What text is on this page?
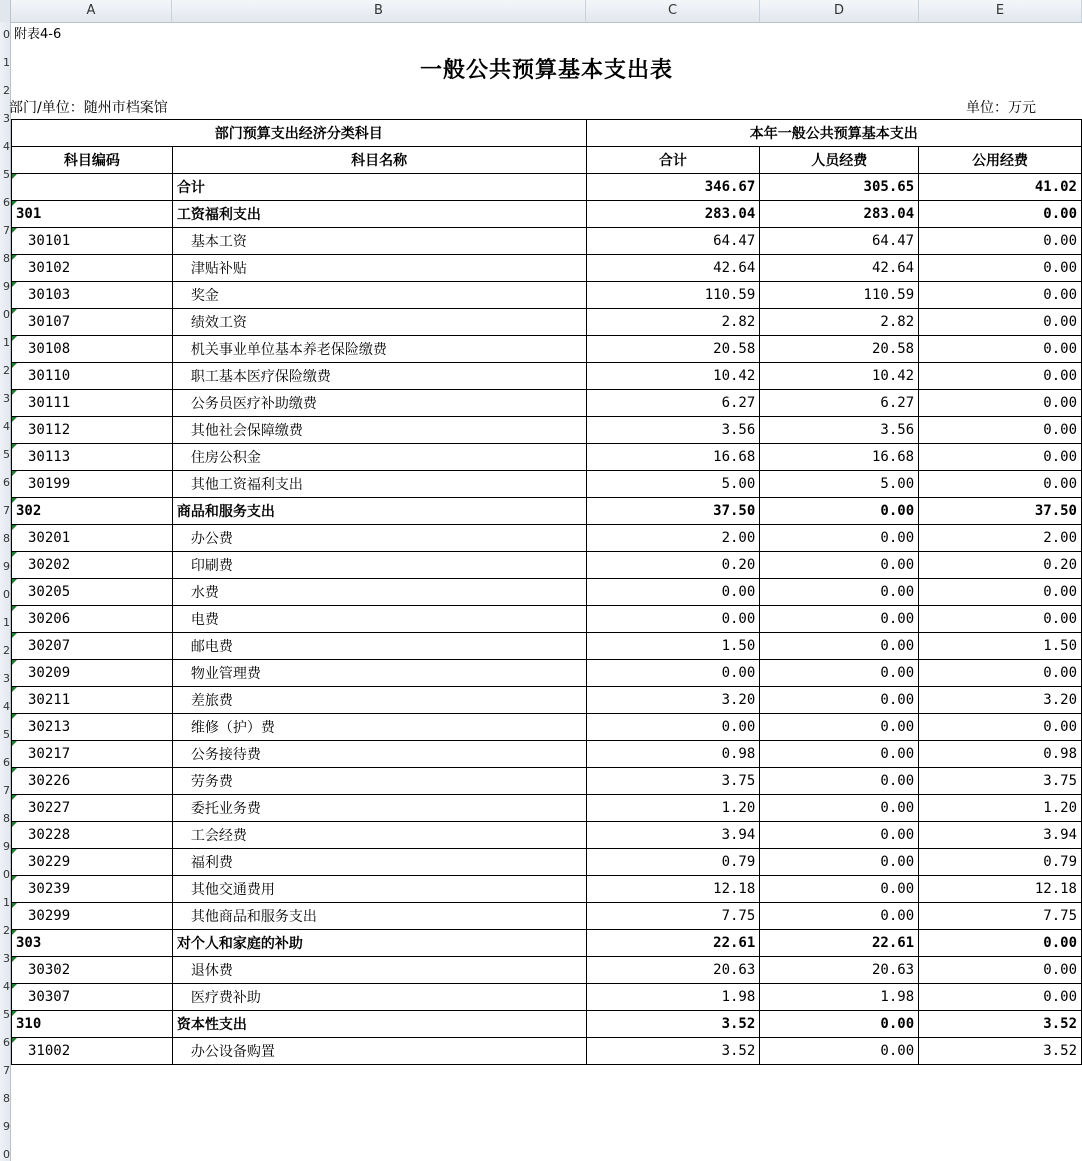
A	B	C	D	E
0
1
2
3
4
5
6
7
8
9
0
1
2
3
4
5
6
7
8
9
0
1
2
3
4
5
6
7
8
9
0
1
2
3
4
5
6
7
8
9
0
附表4-6
一般公共预算基本支出表
部门/单位：随州市档案馆	单位：万元
部门预算支出经济分类科目		本年一般公共预算基本支出		
科目编码	科目名称	合计	人员经费	公用经费
	合计	346.67	305.65	41.02
301	工资福利支出	283.04	283.04	0.00
30101	基本工资	64.47	64.47	0.00
30102	津贴补贴	42.64	42.64	0.00
30103	奖金	110.59	110.59	0.00
30107	绩效工资	2.82	2.82	0.00
30108	机关事业单位基本养老保险缴费	20.58	20.58	0.00
30110	职工基本医疗保险缴费	10.42	10.42	0.00
30111	公务员医疗补助缴费	6.27	6.27	0.00
30112	其他社会保障缴费	3.56	3.56	0.00
30113	住房公积金	16.68	16.68	0.00
30199	其他工资福利支出	5.00	5.00	0.00
302	商品和服务支出	37.50	0.00	37.50
30201	办公费	2.00	0.00	2.00
30202	印刷费	0.20	0.00	0.20
30205	水费	0.00	0.00	0.00
30206	电费	0.00	0.00	0.00
30207	邮电费	1.50	0.00	1.50
30209	物业管理费	0.00	0.00	0.00
30211	差旅费	3.20	0.00	3.20
30213	维修（护）费	0.00	0.00	0.00
30217	公务接待费	0.98	0.00	0.98
30226	劳务费	3.75	0.00	3.75
30227	委托业务费	1.20	0.00	1.20
30228	工会经费	3.94	0.00	3.94
30229	福利费	0.79	0.00	0.79
30239	其他交通费用	12.18	0.00	12.18
30299	其他商品和服务支出	7.75	0.00	7.75
303	对个人和家庭的补助	22.61	22.61	0.00
30302	退休费	20.63	20.63	0.00
30307	医疗费补助	1.98	1.98	0.00
310	资本性支出	3.52	0.00	3.52
31002	办公设备购置	3.52	0.00	3.52
